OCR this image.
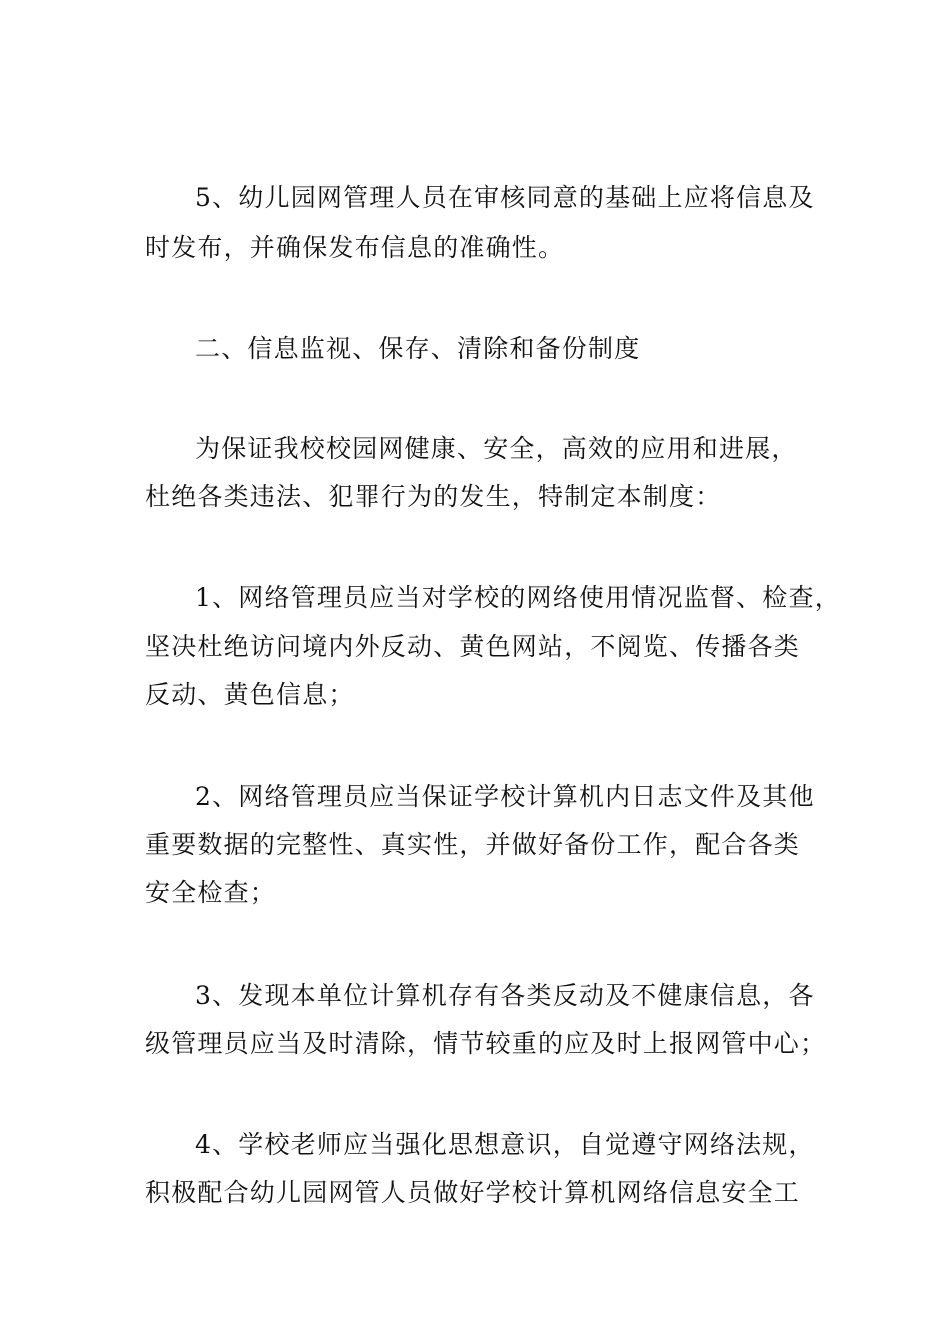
5、幼儿园网管理人员在审核同意的基础上应将信息及

时发布，并确保发布信息的准确性。

二、信息监视、保存、清除和备份制度

为保证我校校园网健康、安全，高效的应用和进展，

杜绝各类违法、犯罪行为的发生，特制定本制度：

1、网络管理员应当对学校的网络使用情况监督、检查，

坚决杜绝访问境内外反动、黄色网站，不阅览、传播各类

反动、黄色信息；

2、网络管理员应当保证学校计算机内日志文件及其他

重要数据的完整性、真实性，并做好备份工作，配合各类

安全检查；

3、发现本单位计算机存有各类反动及不健康信息，各

级管理员应当及时清除，情节较重的应及时上报网管中心；

4、学校老师应当强化思想意识，自觉遵守网络法规，

积极配合幼儿园网管人员做好学校计算机网络信息安全工
